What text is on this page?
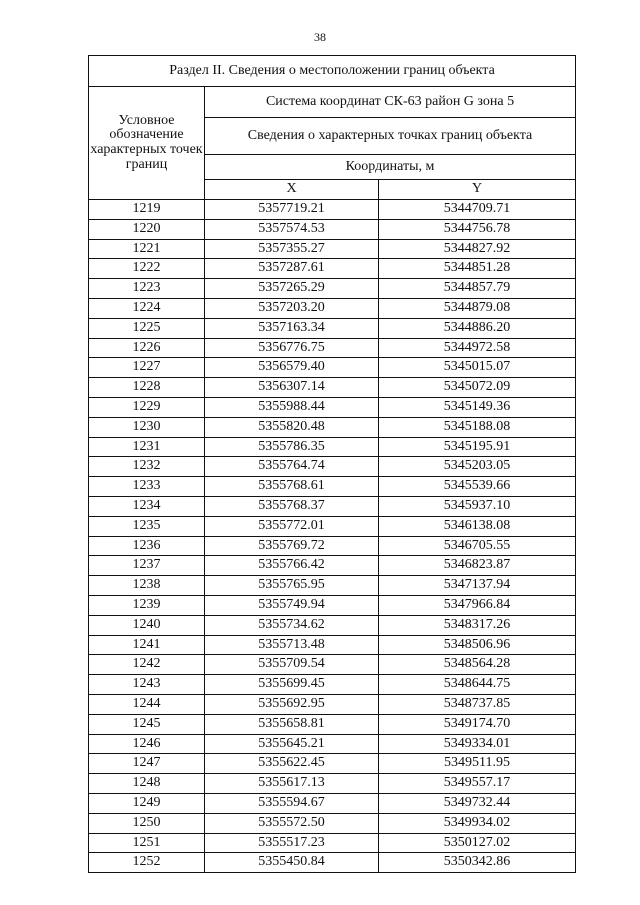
38
Раздел II. Сведения о местоположении границ объекта		
Условное обозначение характерных точек границ	Система координат СК-63 район G зона 5	
	Сведения о характерных точках границ объекта	
	Координаты, м	
	X	Y
1219	5357719.21	5344709.71
1220	5357574.53	5344756.78
1221	5357355.27	5344827.92
1222	5357287.61	5344851.28
1223	5357265.29	5344857.79
1224	5357203.20	5344879.08
1225	5357163.34	5344886.20
1226	5356776.75	5344972.58
1227	5356579.40	5345015.07
1228	5356307.14	5345072.09
1229	5355988.44	5345149.36
1230	5355820.48	5345188.08
1231	5355786.35	5345195.91
1232	5355764.74	5345203.05
1233	5355768.61	5345539.66
1234	5355768.37	5345937.10
1235	5355772.01	5346138.08
1236	5355769.72	5346705.55
1237	5355766.42	5346823.87
1238	5355765.95	5347137.94
1239	5355749.94	5347966.84
1240	5355734.62	5348317.26
1241	5355713.48	5348506.96
1242	5355709.54	5348564.28
1243	5355699.45	5348644.75
1244	5355692.95	5348737.85
1245	5355658.81	5349174.70
1246	5355645.21	5349334.01
1247	5355622.45	5349511.95
1248	5355617.13	5349557.17
1249	5355594.67	5349732.44
1250	5355572.50	5349934.02
1251	5355517.23	5350127.02
1252	5355450.84	5350342.86
